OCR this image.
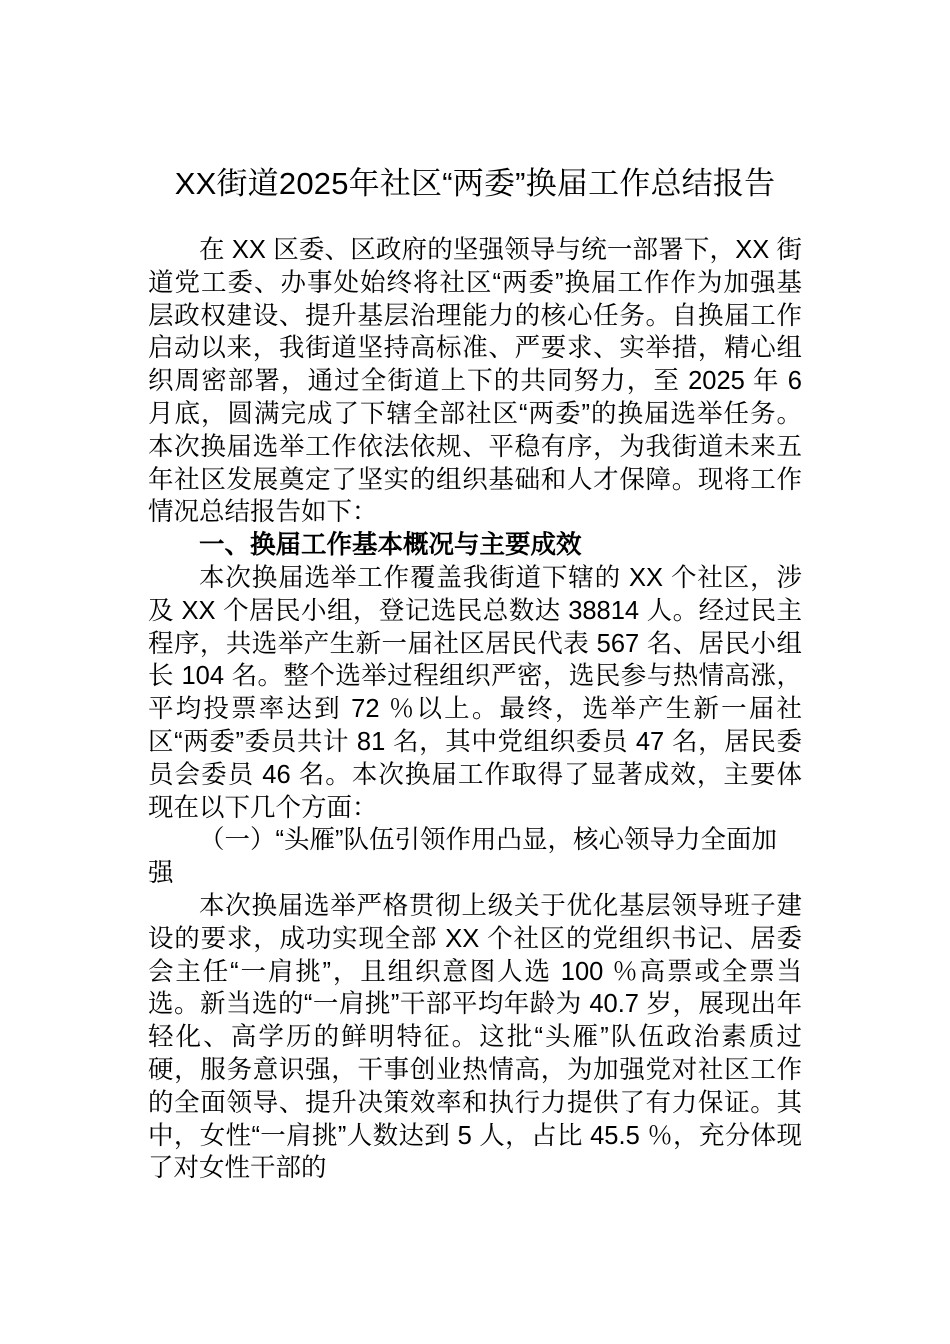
XX街道2025年社区“两委”换届工作总结报告

在 XX 区委、区政府的坚强领导与统一部署下，XX 街道党工委、办事处始终将社区“两委”换届工作作为加强基层政权建设、提升基层治理能力的核心任务。自换届工作启动以来，我街道坚持高标准、严要求、实举措，精心组织周密部署，通过全街道上下的共同努力，至 2025 年 6 月底，圆满完成了下辖全部社区“两委”的换届选举任务。本次换届选举工作依法依规、平稳有序，为我街道未来五年社区发展奠定了坚实的组织基础和人才保障。现将工作情况总结报告如下：

一、换届工作基本概况与主要成效

本次换届选举工作覆盖我街道下辖的 XX 个社区，涉及 XX 个居民小组，登记选民总数达 38814 人。经过民主程序，共选举产生新一届社区居民代表 567 名、居民小组长 104 名。整个选举过程组织严密，选民参与热情高涨，平均投票率达到 72 ％以上。最终，选举产生新一届社区“两委”委员共计 81 名，其中党组织委员 47 名，居民委员会委员 46 名。本次换届工作取得了显著成效，主要体现在以下几个方面：

（一）“头雁”队伍引领作用凸显，核心领导力全面加强

本次换届选举严格贯彻上级关于优化基层领导班子建设的要求，成功实现全部 XX 个社区的党组织书记、居委会主任“一肩挑”，且组织意图人选 100 ％高票或全票当选。新当选的“一肩挑”干部平均年龄为 40.7 岁，展现出年轻化、高学历的鲜明特征。这批“头雁”队伍政治素质过硬，服务意识强，干事创业热情高，为加强党对社区工作的全面领导、提升决策效率和执行力提供了有力保证。其中，女性“一肩挑”人数达到 5 人，占比 45.5 ％，充分体现了对女性干部的
